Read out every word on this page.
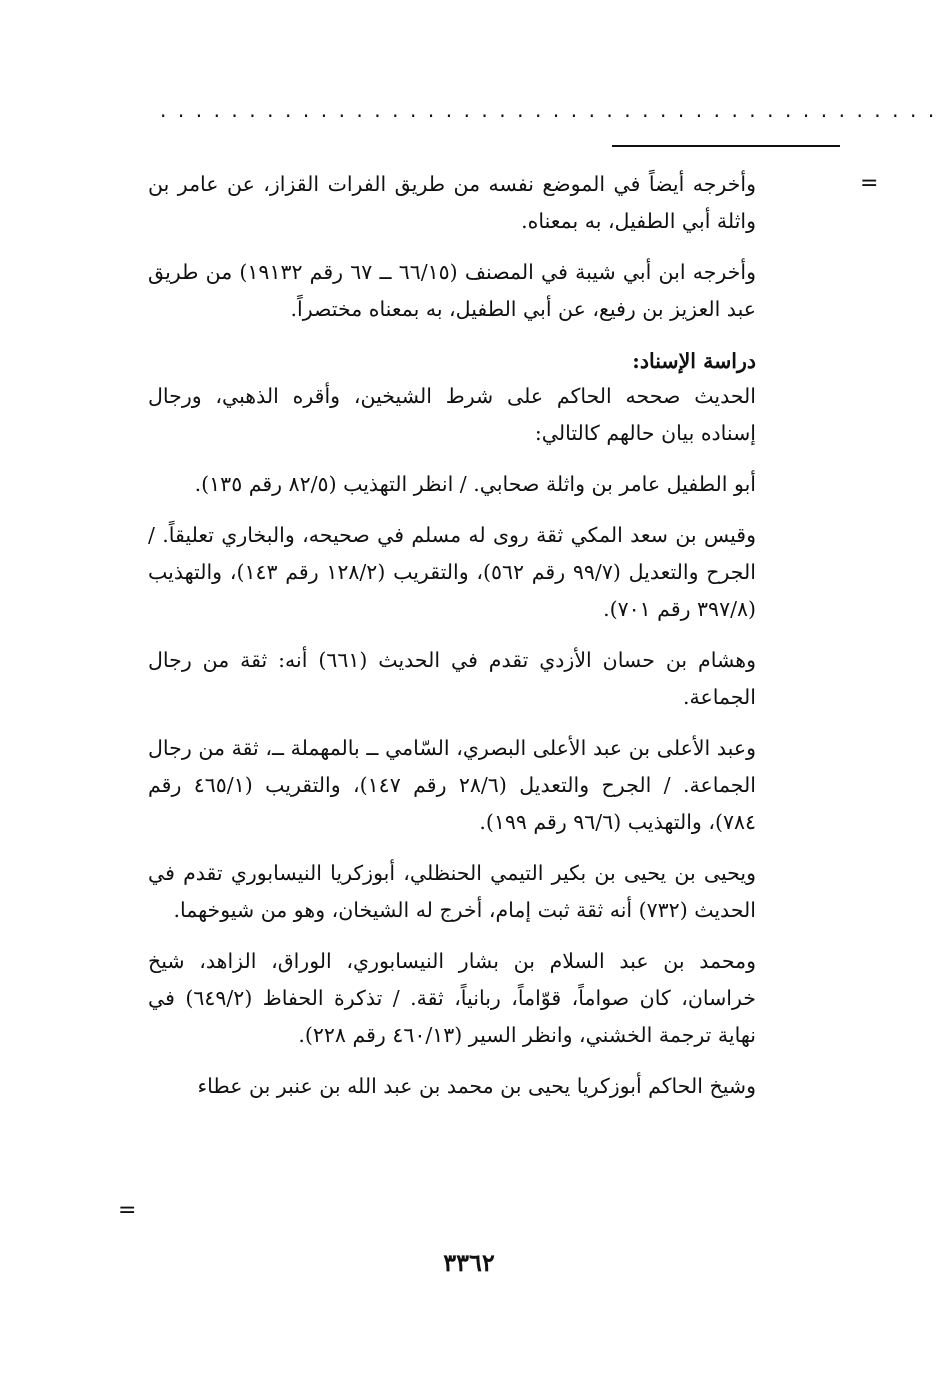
............................................
=

وأخرجه أيضاً في الموضع نفسه من طريق الفرات القزاز، عن عامر بن واثلة أبي الطفيل، به بمعناه.

وأخرجه ابن أبي شيبة في المصنف (٦٦/١٥ ــ ٦٧ رقم ١٩١٣٢) من طريق عبد العزيز بن رفيع، عن أبي الطفيل، به بمعناه مختصراً.

دراسة الإسناد:

الحديث صححه الحاكم على شرط الشيخين، وأقره الذهبي، ورجال إسناده بيان حالهم كالتالي:

أبو الطفيل عامر بن واثلة صحابي. / انظر التهذيب (٨٢/٥ رقم ١٣٥).

وقيس بن سعد المكي ثقة روى له مسلم في صحيحه، والبخاري تعليقاً. / الجرح والتعديل (٩٩/٧ رقم ٥٦٢)، والتقريب (١٢٨/٢ رقم ١٤٣)، والتهذيب (٣٩٧/٨ رقم ٧٠١).

وهشام بن حسان الأزدي تقدم في الحديث (٦٦١) أنه: ثقة من رجال الجماعة.

وعبد الأعلى بن عبد الأعلى البصري، السّامي ــ بالمهملة ــ، ثقة من رجال الجماعة. / الجرح والتعديل (٢٨/٦ رقم ١٤٧)، والتقريب (٤٦٥/١ رقم ٧٨٤)، والتهذيب (٩٦/٦ رقم ١٩٩).

ويحيى بن يحيى بن بكير التيمي الحنظلي، أبوزكريا النيسابوري تقدم في الحديث (٧٣٢) أنه ثقة ثبت إمام، أخرج له الشيخان، وهو من شيوخهما.

ومحمد بن عبد السلام بن بشار النيسابوري، الوراق، الزاهد، شيخ خراسان، كان صواماً، قوّاماً، ربانياً، ثقة. / تذكرة الحفاظ (٦٤٩/٢) في نهاية ترجمة الخشني، وانظر السير (٤٦٠/١٣ رقم ٢٢٨).

وشيخ الحاكم أبوزكريا يحيى بن محمد بن عبد الله بن عنبر بن عطاء

=
٣٣٦٢
